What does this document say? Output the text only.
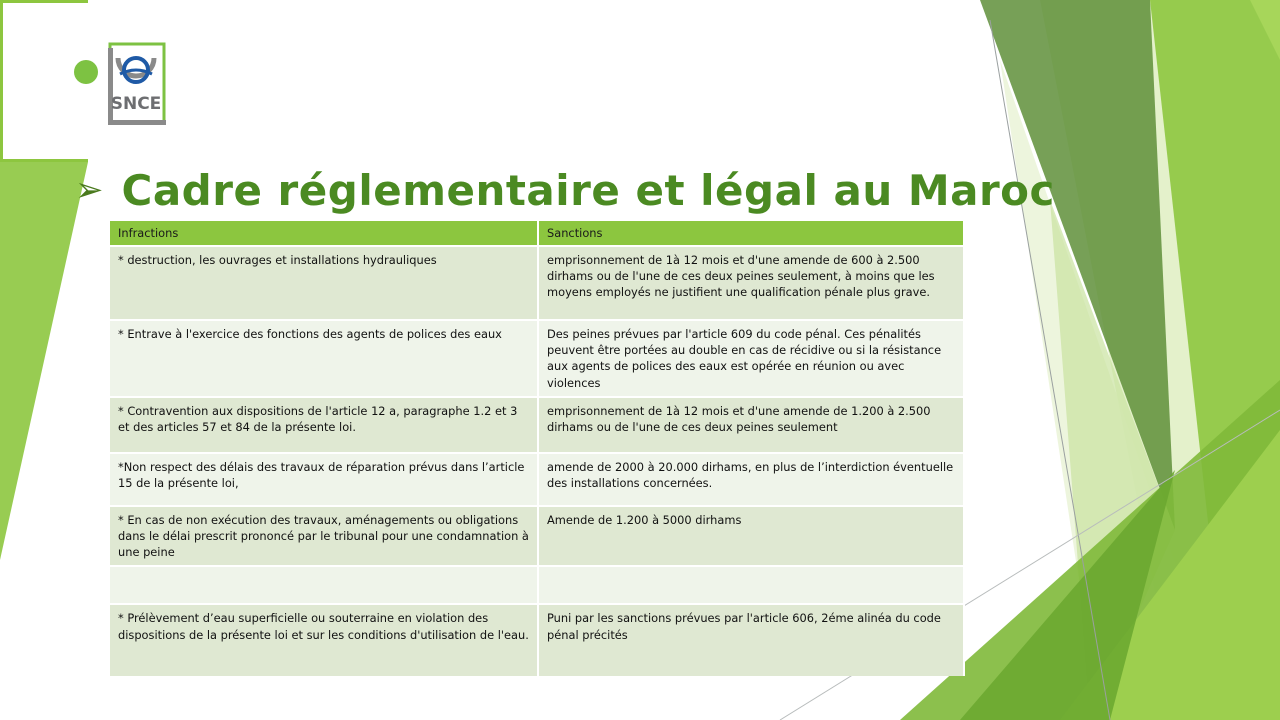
SNCE
➢ Cadre réglementaire et légal au Maroc
Infractions	Sanctions
* destruction, les ouvrages et installations hydrauliques	emprisonnement de 1à 12 mois et d'une amende de 600 à 2.500 dirhams ou de l'une de ces deux peines seulement, à moins que les moyens employés ne justifient une qualification pénale plus grave.
* Entrave à l'exercice des fonctions des agents de polices des eaux	Des peines prévues par l'article 609 du code pénal. Ces pénalités peuvent être portées au double en cas de récidive ou si la résistance aux agents de polices des eaux est opérée en réunion ou avec violences
* Contravention aux dispositions de l'article 12 a, paragraphe 1.2 et 3 et des articles 57 et 84 de la présente loi.	emprisonnement de 1à 12 mois et d'une amende de 1.200 à 2.500 dirhams ou de l'une de ces deux peines seulement
*Non respect des délais des travaux de réparation prévus dans l’article 15 de la présente loi,	amende de 2000 à 20.000 dirhams, en plus de l’interdiction éventuelle des installations concernées.
* En cas de non exécution des travaux, aménagements ou obligations dans le délai prescrit prononcé par le tribunal pour une condamnation à une peine	Amende de 1.200 à 5000 dirhams

* Prélèvement d’eau superficielle ou souterraine en violation des dispositions de la présente loi et sur les conditions d'utilisation de l'eau.	Puni par les sanctions prévues par l'article 606, 2éme alinéa du code pénal précités
